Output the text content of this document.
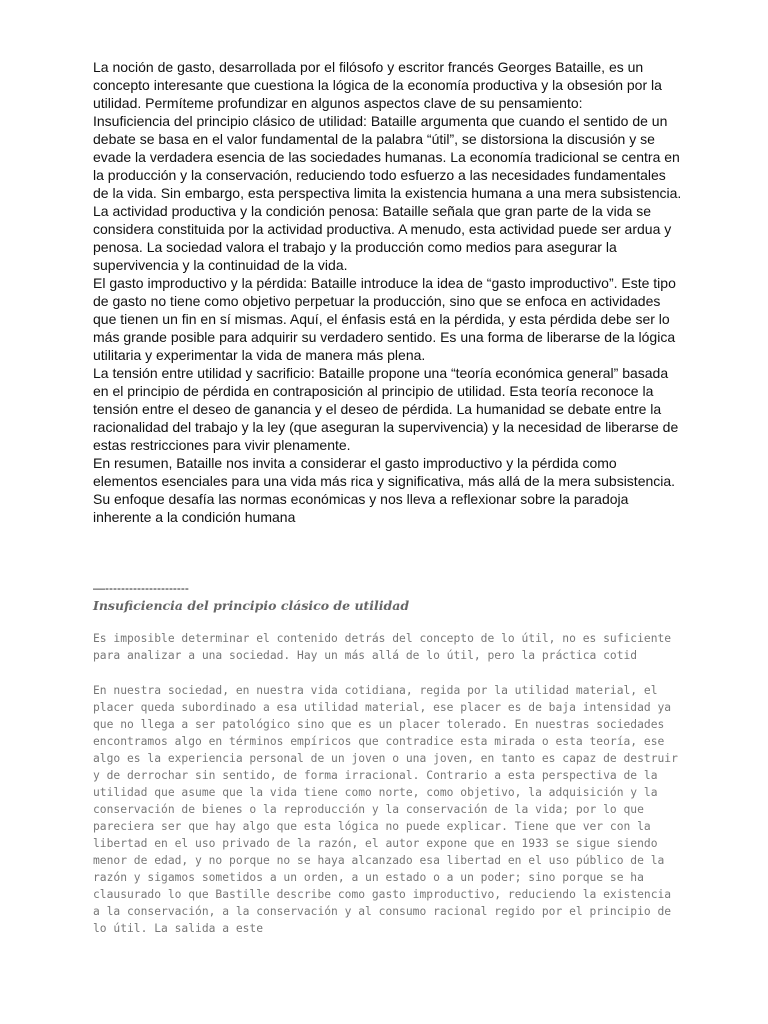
La noción de gasto, desarrollada por el filósofo y escritor francés Georges Bataille, es un concepto interesante que cuestiona la lógica de la economía productiva y la obsesión por la utilidad. Permíteme profundizar en algunos aspectos clave de su pensamiento:

Insuficiencia del principio clásico de utilidad: Bataille argumenta que cuando el sentido de un debate se basa en el valor fundamental de la palabra “útil”, se distorsiona la discusión y se evade la verdadera esencia de las sociedades humanas. La economía tradicional se centra en la producción y la conservación, reduciendo todo esfuerzo a las necesidades fundamentales de la vida. Sin embargo, esta perspectiva limita la existencia humana a una mera subsistencia.

La actividad productiva y la condición penosa: Bataille señala que gran parte de la vida se considera constituida por la actividad productiva. A menudo, esta actividad puede ser ardua y penosa. La sociedad valora el trabajo y la producción como medios para asegurar la supervivencia y la continuidad de la vida.

El gasto improductivo y la pérdida: Bataille introduce la idea de “gasto improductivo”. Este tipo de gasto no tiene como objetivo perpetuar la producción, sino que se enfoca en actividades que tienen un fin en sí mismas. Aquí, el énfasis está en la pérdida, y esta pérdida debe ser lo más grande posible para adquirir su verdadero sentido. Es una forma de liberarse de la lógica utilitaria y experimentar la vida de manera más plena.

La tensión entre utilidad y sacrificio: Bataille propone una “teoría económica general” basada en el principio de pérdida en contraposición al principio de utilidad. Esta teoría reconoce la tensión entre el deseo de ganancia y el deseo de pérdida. La humanidad se debate entre la racionalidad del trabajo y la ley (que aseguran la supervivencia) y la necesidad de liberarse de estas restricciones para vivir plenamente.

En resumen, Bataille nos invita a considerar el gasto improductivo y la pérdida como elementos esenciales para una vida más rica y significativa, más allá de la mera subsistencia. Su enfoque desafía las normas económicas y nos lleva a reflexionar sobre la paradoja inherente a la condición humana

—---------------------
Insuficiencia del principio clásico de utilidad

Es imposible determinar el contenido detrás del concepto de lo útil, no es suficiente para analizar a una sociedad. Hay un más allá de lo útil, pero la práctica cotid

En nuestra sociedad, en nuestra vida cotidiana, regida por la utilidad material, el placer queda subordinado a esa utilidad material, ese placer es de baja intensidad ya que no llega a ser patológico sino que es un placer tolerado. En nuestras sociedades encontramos algo en términos empíricos que contradice esta mirada o esta teoría, ese algo es la experiencia personal de un joven o una joven, en tanto es capaz de destruir y de derrochar sin sentido, de forma irracional. Contrario a esta perspectiva de la utilidad que asume que la vida tiene como norte, como objetivo, la adquisición y la conservación de bienes o la reproducción y la conservación de la vida; por lo que pareciera ser que hay algo que esta lógica no puede explicar. Tiene que ver con la libertad en el uso privado de la razón, el autor expone que en 1933 se sigue siendo menor de edad, y no porque no se haya alcanzado esa libertad en el uso público de la razón y sigamos sometidos a un orden, a un estado o a un poder; sino porque se ha clausurado lo que Bastille describe como gasto improductivo, reduciendo la existencia a la conservación, a la conservación y al consumo racional regido por el principio de lo útil. La salida a este
